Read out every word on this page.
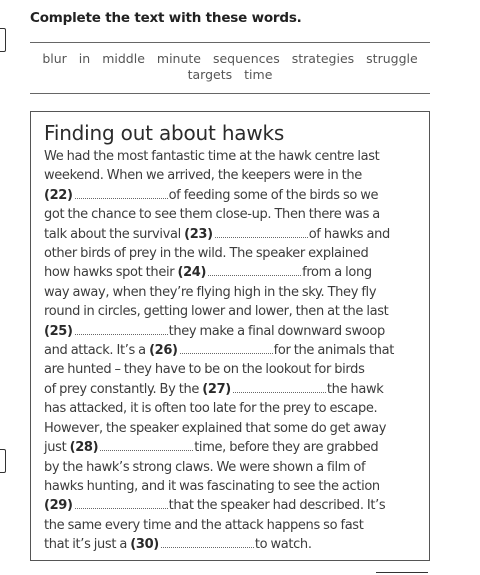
Complete the text with these words.
blur in middle minute sequences strategies struggle
targets time
Finding out about hawks
We had the most fantastic time at the hawk centre last
weekend. When we arrived, the keepers were in the
(22)	of feeding some of the birds so we
got the chance to see them close-up. Then there was a
talk about the survival (23)	of hawks and
other birds of prey in the wild. The speaker explained
how hawks spot their (24)	from a long
way away, when they’re flying high in the sky. They fly
round in circles, getting lower and lower, then at the last
(25)	they make a final downward swoop
and attack. It’s a (26)	for the animals that
are hunted – they have to be on the lookout for birds
of prey constantly. By the (27)	the hawk
has attacked, it is often too late for the prey to escape.
However, the speaker explained that some do get away
just (28)	time, before they are grabbed
by the hawk’s strong claws. We were shown a film of
hawks hunting, and it was fascinating to see the action
(29)	that the speaker had described. It’s
the same every time and the attack happens so fast
that it’s just a (30)	to watch.
